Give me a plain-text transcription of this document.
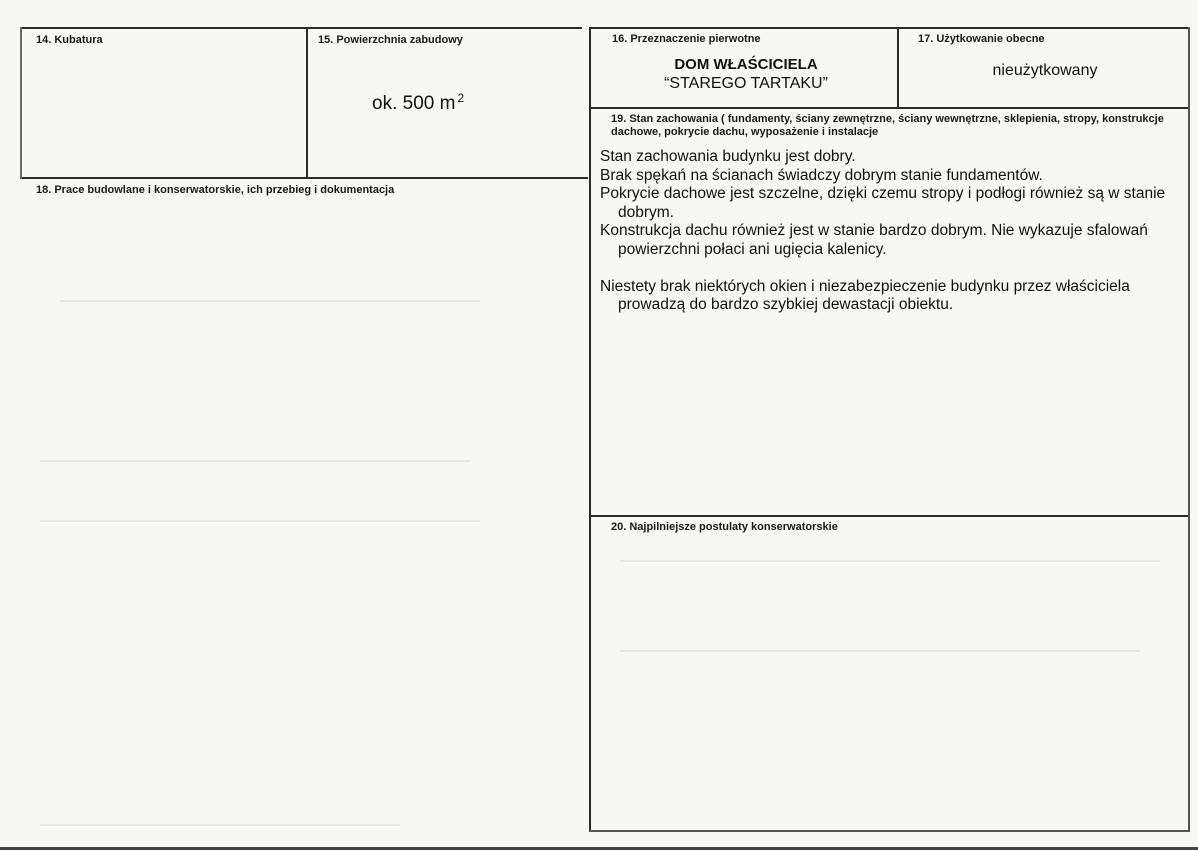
14. Kubatura	15. Powierzchnia zabudowy
ok. 500 m $^2$
16. Przeznaczenie pierwotne
DOM WŁAŚCICIELA
“STAREGO TARTAKU”
17. Użytkowanie obecne
nieużytkowany
18. Prace budowlane i konserwatorskie, ich przebieg i dokumentacja
19. Stan zachowania ( fundamenty, ściany zewnętrzne, ściany wewnętrzne, sklepienia, stropy, konstrukcje dachowe, pokrycie dachu, wyposażenie i instalacje

Stan zachowania budynku jest dobry.

Brak spękań na ścianach świadczy dobrym stanie fundamentów.

Pokrycie dachowe jest szczelne, dzięki czemu stropy i podłogi również są w stanie dobrym.

Konstrukcja dachu również jest w stanie bardzo dobrym. Nie wykazuje sfalowań powierzchni połaci ani ugięcia kalenicy.

Niestety brak niektórych okien i niezabezpieczenie budynku przez właściciela prowadzą do bardzo szybkiej dewastacji obiektu.

20. Najpilniejsze postulaty konserwatorskie
